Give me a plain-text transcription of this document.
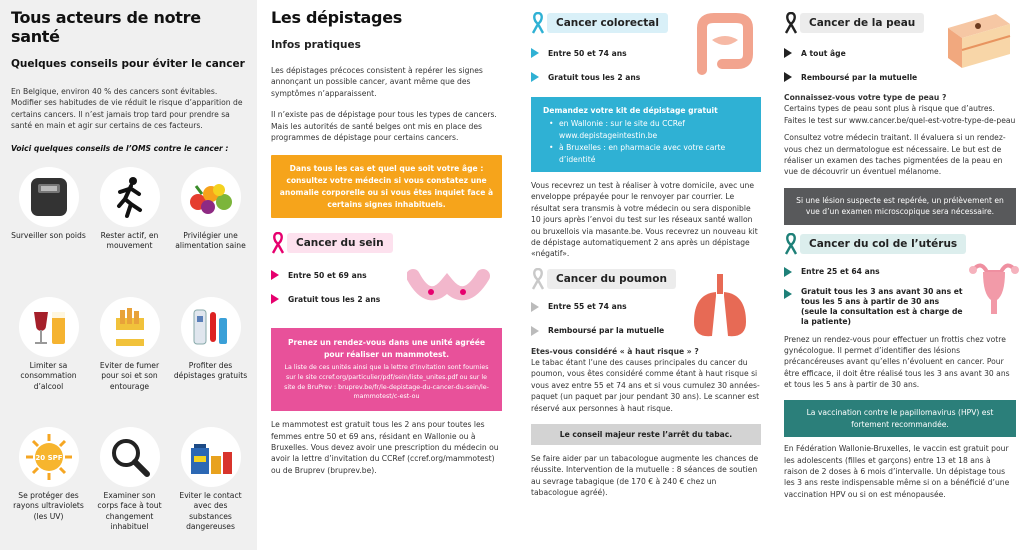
Tous acteurs de notre santé
Quelques conseils pour éviter le cancer
En Belgique, environ 40 % des cancers sont évitables. Modifier ses habitudes de vie réduit le risque d’apparition de certains cancers. Il n’est jamais trop tard pour prendre sa santé en main et agir sur certains de ces facteurs.
Voici quelques conseils de l’OMS contre le cancer :
Surveiller son poids	Rester actif, en mouvement
Privilégier une alimentation saine
Limiter sa consommation d’alcool
Eviter de fumer pour soi et son entourage
Profiter des dépistages gratuits
20 SPF
Se protéger des rayons ultraviolets (les UV)
Examiner son corps face à tout changement inhabituel
Eviter le contact avec des substances dangereuses
Les dépistages
Infos pratiques
Les dépistages précoces consistent à repérer les signes annonçant un possible cancer, avant même que des symptômes n’apparaissent.
Il n’existe pas de dépistage pour tous les types de cancers. Mais les autorités de santé belges ont mis en place des programmes de dépistage pour certains cancers.
Dans tous les cas et quel que soit votre âge : consultez votre médecin si vous constatez une anomalie corporelle ou si vous êtes inquiet face à certains signes inhabituels.
Cancer du sein
Entre 50 et 69 ans
Gratuit tous les 2 ans
Prenez un rendez-vous dans une unité agréée pour réaliser un mammotest.
La liste de ces unités ainsi que la lettre d’invitation sont fournies sur le site ccref.org/particulier/pdf/sein/liste_unites.pdf ou sur le site de BruPrev : bruprev.be/fr/le-depistage-du-cancer-du-sein/le-mammotest/c-est-ou
Le mammotest est gratuit tous les 2 ans pour toutes les femmes entre 50 et 69 ans, résidant en Wallonie ou à Bruxelles. Vous devez avoir une prescription du médecin ou avoir la lettre d’invitation du CCRef (ccref.org/mammotest) ou de Bruprev (bruprev.be).
Cancer colorectal
Entre 50 et 74 ans
Gratuit tous les 2 ans
Demandez votre kit de dépistage gratuit
• en Wallonie : sur le site du CCRef www.depistageintestin.be
• à Bruxelles : en pharmacie avec votre carte d’identité
Vous recevrez un test à réaliser à votre domicile, avec une enveloppe prépayée pour le renvoyer par courrier. Le résultat sera transmis à votre médecin ou sera disponible 10 jours après l’envoi du test sur les réseaux santé wallon ou bruxellois via masante.be. Vous recevrez un nouveau kit de dépistage automatiquement 2 ans après un dépistage «négatif».
Cancer du poumon
Entre 55 et 74 ans
Remboursé par la mutuelle
Etes-vous considéré « à haut risque » ?
Le tabac étant l’une des causes principales du cancer du poumon, vous êtes considéré comme étant à haut risque si vous avez entre 55 et 74 ans et si vous cumulez 30 années-paquet (un paquet par jour pendant 30 ans). Le scanner est réservé aux personnes à haut risque.
Le conseil majeur reste l’arrêt du tabac.
Se faire aider par un tabacologue augmente les chances de réussite. Intervention de la mutuelle : 8 séances de soutien au sevrage tabagique (de 170 € à 240 € chez un tabacologue agréé).
Cancer de la peau
A tout âge
Remboursé par la mutuelle
Connaissez-vous votre type de peau ?
Certains types de peau sont plus à risque que d’autres. Faites le test sur www.cancer.be/quel-est-votre-type-de-peau
Consultez votre médecin traitant. Il évaluera si un rendez-vous chez un dermatologue est nécessaire. Le but est de réaliser un examen des taches pigmentées de la peau en vue de découvrir un éventuel mélanome.
Si une lésion suspecte est repérée, un prélèvement en vue d’un examen microscopique sera nécessaire.
Cancer du col de l’utérus
Entre 25 et 64 ans
Gratuit tous les 3 ans avant 30 ans et tous les 5 ans à partir de 30 ans (seule la consultation est à charge de la patiente)
Prenez un rendez-vous pour effectuer un frottis chez votre gynécologue. Il permet d’identifier des lésions précancéreuses avant qu’elles n’évoluent en cancer. Pour être efficace, il doit être réalisé tous les 3 ans avant 30 ans et tous les 5 ans à partir de 30 ans.
La vaccination contre le papillomavirus (HPV) est fortement recommandée.
En Fédération Wallonie-Bruxelles, le vaccin est gratuit pour les adolescents (filles et garçons) entre 13 et 18 ans à raison de 2 doses à 6 mois d’intervalle. Un dépistage tous les 3 ans reste indispensable même si on a bénéficié d’une vaccination HPV ou si on est ménopausée.
